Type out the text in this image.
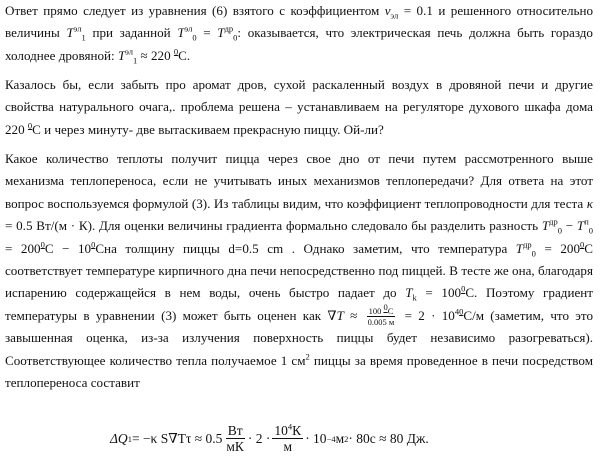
Ответ прямо следует из уравнения (6) взятого с коэффициентом $\nu_{эл} = 0.1$ и решенного относительно величины $T^{эл}_1$ при заданной $T^{эл}_0 = T^{др}_0$: оказывается, что электрическая печь должна быть гораздо холоднее дровяной: $T^{эл}_1 \approx 220$ $^0$С.

Казалось бы, если забыть про аромат дров, сухой раскаленный воздух в дровяной печи и другие свойства натурального очага,. проблема решена – устанавливаем на регуляторе духового шкафа дома 220 $^0$С и через минуту- две вытаскиваем прекрасную пиццу. Ой-ли?

Какое количество теплоты получит пицца через свое дно от печи путем рассмотренного выше механизма теплопереноса, если не учитывать иных механизмов теплопередачи? Для ответа на этот вопрос воспользуемся формулой (3). Из таблицы видим, что коэффициент теплопроводности для теста κ = 0.5 Вт/(м · К). Для оценки величины градиента формально следовало бы разделить разность $T^{др}_0 - T^п_0 = 200^0С - 10^0Сна$ толщину пиццы d=0.5 cm . Однако заметим, что температура $T^{др}_0 = 200^0С$ соответствует температуре кирпичного дна печи непосредственно под пиццей. В тесте же она, благодаря испарению содержащейся в нем воды, очень быстро падает до $T_k = 100^0С$. Поэтому градиент температуры в уравнении (3) может быть оценен как $\nabla T \approx \frac{100 ^0С}{0.005 м} = 2 \cdot 10^{40}С/м$ (заметим, что это завышенная оценка, из-за излучения поверхность пиццы будет независимо разогреваться). Соответствующее количество тепла получаемое 1 $см^2$ пиццы за время проведенное в печи посредством теплопереноса составит

ΔQ 1 = −κ $S\nabla T\tau \approx 0.5 \frac{Вт}{мК} \cdot 2 \cdot \frac{10^4К}{м} \cdot 10 -4$ м 2 · 80с ≈ 80 Дж.
